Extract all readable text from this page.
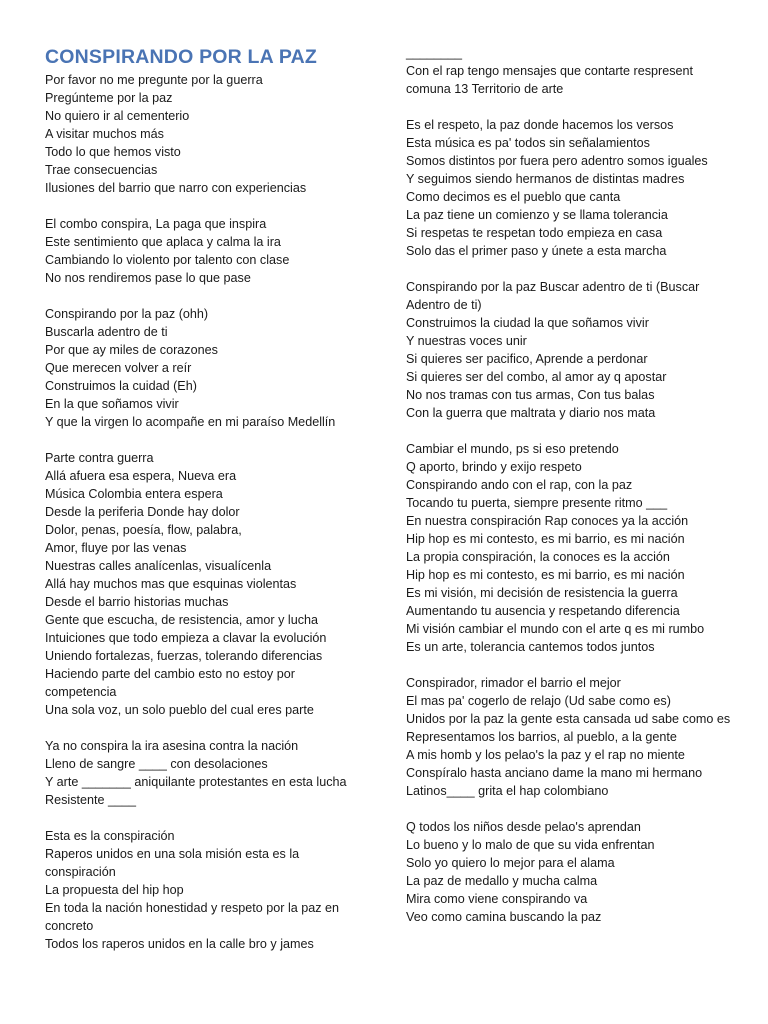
CONSPIRANDO POR LA PAZ
Por favor no me pregunte por la guerra
Pregúnteme por la paz
No quiero ir al cementerio
A visitar muchos más
Todo lo que hemos visto
Trae consecuencias
Ilusiones del barrio que narro con experiencias
El combo conspira, La paga que inspira
Este sentimiento que aplaca y calma la ira
Cambiando lo violento por talento con clase
No nos rendiremos pase lo que pase
Conspirando por la paz (ohh)
Buscarla adentro de ti
Por que ay miles de corazones
Que merecen volver a reír
Construimos la cuidad (Eh)
En la que soñamos vivir
Y que la virgen lo acompañe en mi paraíso Medellín
Parte contra guerra
Allá afuera esa espera, Nueva era
Música Colombia entera espera
Desde la periferia Donde hay dolor
Dolor, penas, poesía, flow, palabra,
Amor, fluye por las venas
Nuestras calles analícenlas, visualícenla
Allá hay muchos mas que esquinas violentas
Desde el barrio historias muchas
Gente que escucha, de resistencia, amor y lucha
Intuiciones que todo empieza a clavar la evolución
Uniendo fortalezas, fuerzas, tolerando diferencias
Haciendo parte del cambio esto no estoy por competencia
Una sola voz, un solo pueblo del cual eres parte
Ya no conspira la ira asesina contra la nación
Lleno de sangre ____ con desolaciones
Y arte _______ aniquilante protestantes en esta lucha
Resistente ____
Esta es la conspiración
Raperos unidos en una sola misión esta es la conspiración
La propuesta del hip hop
En toda la nación honestidad y respeto por la paz en concreto
Todos los raperos unidos en la calle bro y james
________
Con el rap tengo mensajes que contarte respresent comuna 13 Territorio de arte
Es el respeto, la paz donde hacemos los versos
Esta música es pa' todos sin señalamientos
Somos distintos por fuera pero adentro somos iguales
Y seguimos siendo hermanos de distintas madres
Como decimos es el pueblo que canta
La paz tiene un comienzo y se llama tolerancia
Si respetas te respetan todo empieza en casa
Solo das el primer paso y únete a esta marcha
Conspirando por la paz Buscar adentro de ti (Buscar Adentro de ti)
Construimos la ciudad la que soñamos vivir
Y nuestras voces unir
Si quieres ser pacifico, Aprende a perdonar
Si quieres ser del combo, al amor ay q apostar
No nos tramas con tus armas, Con tus balas
Con la guerra que maltrata y diario nos mata
Cambiar el mundo, ps si eso pretendo
Q aporto, brindo y exijo respeto
Conspirando ando con el rap, con la paz
Tocando tu puerta, siempre presente ritmo ___
En nuestra conspiración Rap conoces ya la acción
Hip hop es mi contesto, es mi barrio, es mi nación
La propia conspiración, la conoces es la acción
Hip hop es mi contesto, es mi barrio, es mi nación
Es mi visión, mi decisión de resistencia la guerra
Aumentando tu ausencia y respetando diferencia
Mi visión cambiar el mundo con el arte q es mi rumbo
Es un arte, tolerancia cantemos todos juntos
Conspirador, rimador el barrio el mejor
El mas pa' cogerlo de relajo (Ud sabe como es)
Unidos por la paz la gente esta cansada ud sabe como es
Representamos los barrios, al pueblo, a la gente
A mis homb y los pelao's la paz y el rap no miente
Conspíralo hasta anciano dame la mano mi hermano
Latinos____ grita el hap colombiano
Q todos los niños desde pelao's aprendan
Lo bueno y lo malo de que su vida enfrentan
Solo yo quiero lo mejor para el alama
La paz de medallo y mucha calma
Mira como viene conspirando va
Veo como camina buscando la paz
